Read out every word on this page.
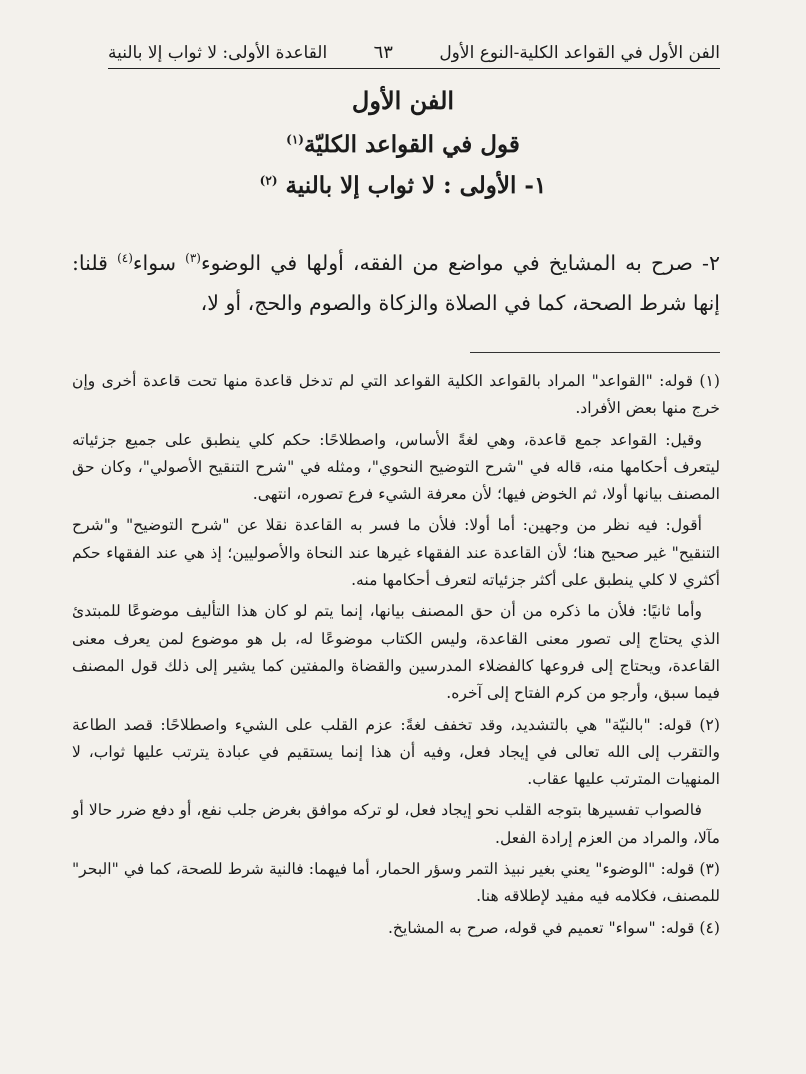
الفن الأول في القواعد الكلية-النوع الأول
٦٣
القاعدة الأولى: لا ثواب إلا بالنية
الفن الأول
قول في القواعد الكليّة$^{(١)}$
١- الأولى : لا ثواب إلا بالنية $^{(٢)}$
٢- صرح به المشايخ في مواضع من الفقه، أولها في الوضوء$^{(٣)}$ سواء$^{(٤)}$ قلنا: إنها شرط الصحة، كما في الصلاة والزكاة والصوم والحج، أو لا،

(١) قوله: "القواعد" المراد بالقواعد الكلية القواعد التي لم تدخل قاعدة منها تحت قاعدة أخرى وإن خرج منها بعض الأفراد.

وقيل: القواعد جمع قاعدة، وهي لغةً الأساس، واصطلاحًا: حكم كلي ينطبق على جميع جزئياته ليتعرف أحكامها منه، قاله في "شرح التوضيح النحوي"، ومثله في "شرح التنقيح الأصولي"، وكان حق المصنف بيانها أولا، ثم الخوض فيها؛ لأن معرفة الشيء فرع تصوره، انتهى.

أقول: فيه نظر من وجهين: أما أولا: فلأن ما فسر به القاعدة نقلا عن "شرح التوضيح" و"شرح التنقيح" غير صحيح هنا؛ لأن القاعدة عند الفقهاء غيرها عند النحاة والأصوليين؛ إذ هي عند الفقهاء حكم أكثري لا كلي ينطبق على أكثر جزئياته لتعرف أحكامها منه.

وأما ثانيًا: فلأن ما ذكره من أن حق المصنف بيانها، إنما يتم لو كان هذا التأليف موضوعًا للمبتدئ الذي يحتاج إلى تصور معنى القاعدة، وليس الكتاب موضوعًا له، بل هو موضوع لمن يعرف معنى القاعدة، ويحتاج إلى فروعها كالفضلاء المدرسين والقضاة والمفتين كما يشير إلى ذلك قول المصنف فيما سبق، وأرجو من كرم الفتاح إلى آخره.

(٢) قوله: "بالنيّة" هي بالتشديد، وقد تخفف لغةً: عزم القلب على الشيء واصطلاحًا: قصد الطاعة والتقرب إلى الله تعالى في إيجاد فعل، وفيه أن هذا إنما يستقيم في عبادة يترتب عليها ثواب، لا المنهيات المترتب عليها عقاب.

فالصواب تفسيرها بتوجه القلب نحو إيجاد فعل، لو تركه موافق بغرض جلب نفع، أو دفع ضرر حالا أو مآلا، والمراد من العزم إرادة الفعل.

(٣) قوله: "الوضوء" يعني بغير نبيذ التمر وسؤر الحمار، أما فيهما: فالنية شرط للصحة، كما في "البحر" للمصنف، فكلامه فيه مفيد لإطلاقه هنا.

(٤) قوله: "سواء" تعميم في قوله، صرح به المشايخ.
